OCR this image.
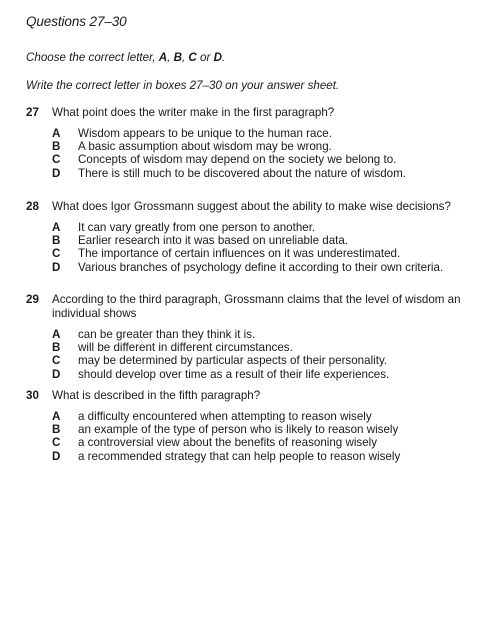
Questions 27–30
Choose the correct letter, A, B, C or D.
Write the correct letter in boxes 27–30 on your answer sheet.
27	What point does the writer make in the first paragraph?
A	Wisdom appears to be unique to the human race.
B	A basic assumption about wisdom may be wrong.
C	Concepts of wisdom may depend on the society we belong to.
D	There is still much to be discovered about the nature of wisdom.
28	What does Igor Grossmann suggest about the ability to make wise decisions?
A	It can vary greatly from one person to another.
B	Earlier research into it was based on unreliable data.
C	The importance of certain influences on it was underestimated.
D	Various branches of psychology define it according to their own criteria.
29	According to the third paragraph, Grossmann claims that the level of wisdom an individual shows
A	can be greater than they think it is.
B	will be different in different circumstances.
C	may be determined by particular aspects of their personality.
D	should develop over time as a result of their life experiences.
30	What is described in the fifth paragraph?
A	a difficulty encountered when attempting to reason wisely
B	an example of the type of person who is likely to reason wisely
C	a controversial view about the benefits of reasoning wisely
D	a recommended strategy that can help people to reason wisely
